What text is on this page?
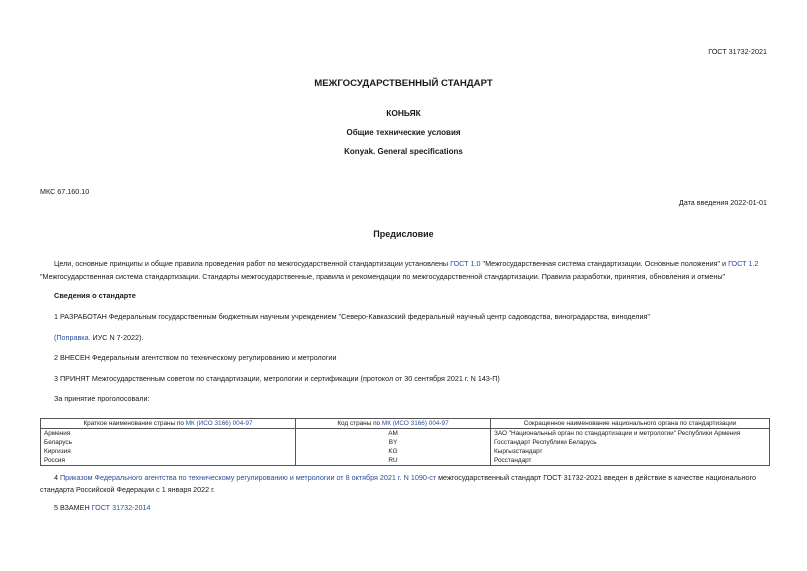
ГОСТ 31732-2021
МЕЖГОСУДАРСТВЕННЫЙ СТАНДАРТ
КОНЬЯК
Общие технические условия
Konyak. General specifications
МКС 67.160.10
Дата введения 2022-01-01
Предисловие
Цели, основные принципы и общие правила проведения работ по межгосударственной стандартизации установлены ГОСТ 1.0 "Межгосударственная система стандартизации. Основные положения" и ГОСТ 1.2 "Межгосударственная система стандартизации. Стандарты межгосударственные, правила и рекомендации по межгосударственной стандартизации. Правила разработки, принятия, обновления и отмены"
Сведения о стандарте
1 РАЗРАБОТАН Федеральным государственным бюджетным научным учреждением "Северо-Кавказский федеральный научный центр садоводства, виноградарства, виноделия"
(Поправка. ИУС N 7-2022).
2 ВНЕСЕН Федеральным агентством по техническому регулированию и метрологии
3 ПРИНЯТ Межгосударственным советом по стандартизации, метрологии и сертификации (протокол от 30 сентября 2021 г. N 143-П)
За принятие проголосовали:
Краткое наименование страны по МК (ИСО 3166) 004-97	Код страны по МК (ИСО 3166) 004-97	Сокращенное наименование национального органа по стандартизации
Армения	AM	ЗАО "Национальный орган по стандартизации и метрологии" Республики Армения
Беларусь	BY	Госстандарт Республики Беларусь
Киргизия	KG	Кыргызстандарт
Россия	RU	Росстандарт
4 Приказом Федерального агентства по техническому регулированию и метрологии от 8 октября 2021 г. N 1090-ст межгосударственный стандарт ГОСТ 31732-2021 введен в действие в качестве национального стандарта Российской Федерации с 1 января 2022 г.
5 ВЗАМЕН ГОСТ 31732-2014
